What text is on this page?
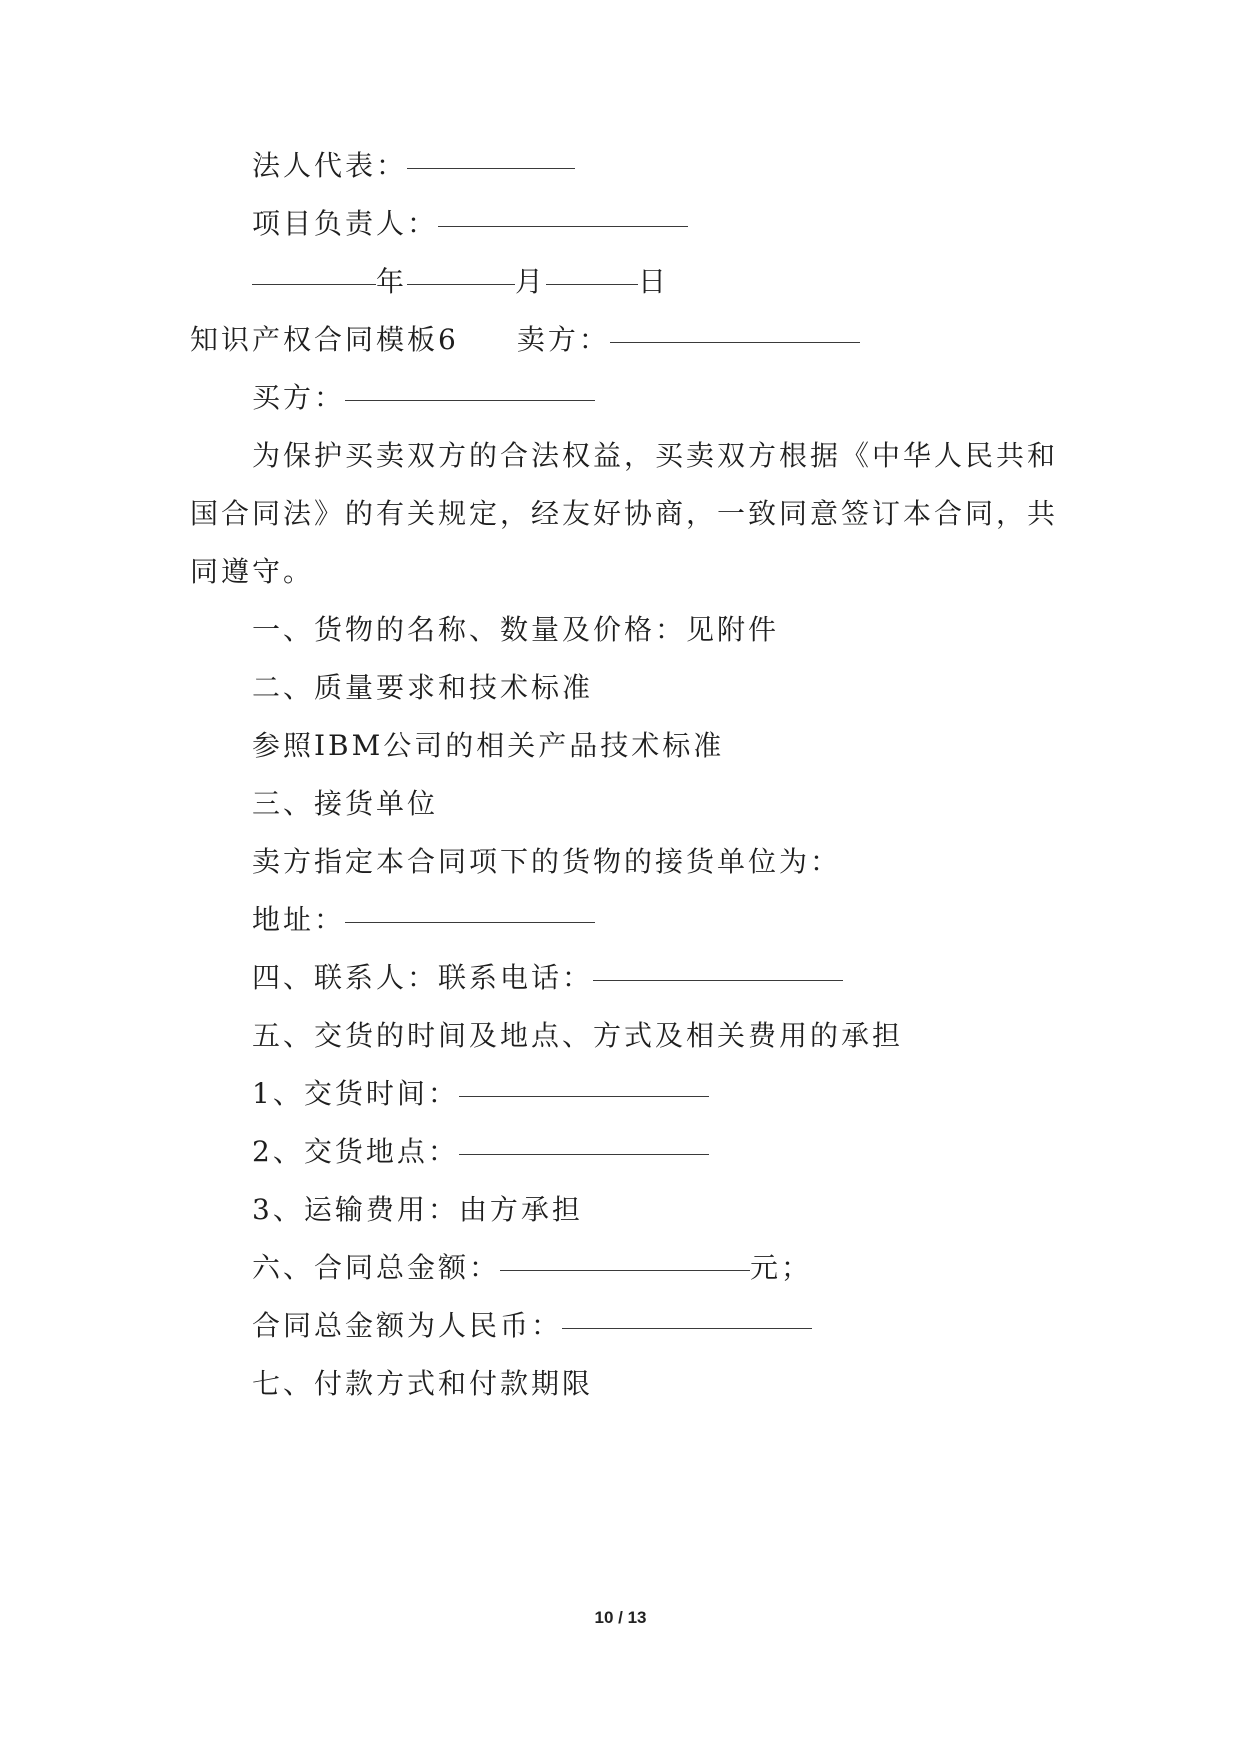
法人代表：
项目负责人：
年	月	日
知识产权合同模板6 卖方：
买方：
为保护买卖双方的合法权益，买卖双方根据《中华人民共和
国合同法》的有关规定，经友好协商，一致同意签订本合同，共
同遵守。
一、货物的名称、数量及价格：见附件
二、质量要求和技术标准
参照IBM公司的相关产品技术标准
三、接货单位
卖方指定本合同项下的货物的接货单位为：
地址：
四、联系人：联系电话：
五、交货的时间及地点、方式及相关费用的承担
1、交货时间：
2、交货地点：
3、运输费用：由方承担
六、合同总金额：	元；
合同总金额为人民币：
七、付款方式和付款期限
10 / 13
